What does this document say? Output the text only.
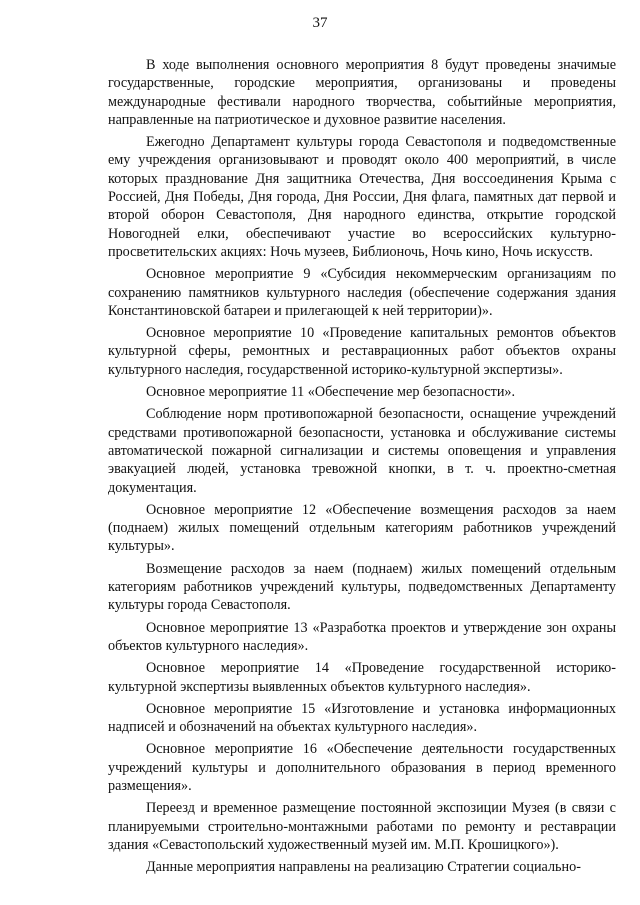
37

В ходе выполнения основного мероприятия 8 будут проведены значимые государственные, городские мероприятия, организованы и проведены международные фестивали народного творчества, событийные мероприятия, направленные на патриотическое и духовное развитие населения.

Ежегодно Департамент культуры города Севастополя и подведомственные ему учреждения организовывают и проводят около 400 мероприятий, в числе которых празднование Дня защитника Отечества, Дня воссоединения Крыма с Россией, Дня Победы, Дня города, Дня России, Дня флага, памятных дат первой и второй оборон Севастополя, Дня народного единства, открытие городской Новогодней елки, обеспечивают участие во всероссийских культурно-просветительских акциях: Ночь музеев, Библионочь, Ночь кино, Ночь искусств.

Основное мероприятие 9 «Субсидия некоммерческим организациям по сохранению памятников культурного наследия (обеспечение содержания здания Константиновской батареи и прилегающей к ней территории)».

Основное мероприятие 10 «Проведение капитальных ремонтов объектов культурной сферы, ремонтных и реставрационных работ объектов охраны культурного наследия, государственной историко-культурной экспертизы».

Основное мероприятие 11 «Обеспечение мер безопасности».

Соблюдение норм противопожарной безопасности, оснащение учреждений средствами противопожарной безопасности, установка и обслуживание системы автоматической пожарной сигнализации и системы оповещения и управления эвакуацией людей, установка тревожной кнопки, в т. ч. проектно-сметная документация.

Основное мероприятие 12 «Обеспечение возмещения расходов за наем (поднаем) жилых помещений отдельным категориям работников учреждений культуры».

Возмещение расходов за наем (поднаем) жилых помещений отдельным категориям работников учреждений культуры, подведомственных Департаменту культуры города Севастополя.

Основное мероприятие 13 «Разработка проектов и утверждение зон охраны объектов культурного наследия».

Основное мероприятие 14 «Проведение государственной историко-культурной экспертизы выявленных объектов культурного наследия».

Основное мероприятие 15 «Изготовление и установка информационных надписей и обозначений на объектах культурного наследия».

Основное мероприятие 16 «Обеспечение деятельности государственных учреждений культуры и дополнительного образования в период временного размещения».

Переезд и временное размещение постоянной экспозиции Музея (в связи с планируемыми строительно-монтажными работами по ремонту и реставрации здания «Севастопольский художественный музей им. М.П. Крошицкого»).

Данные мероприятия направлены на реализацию Стратегии социально-
